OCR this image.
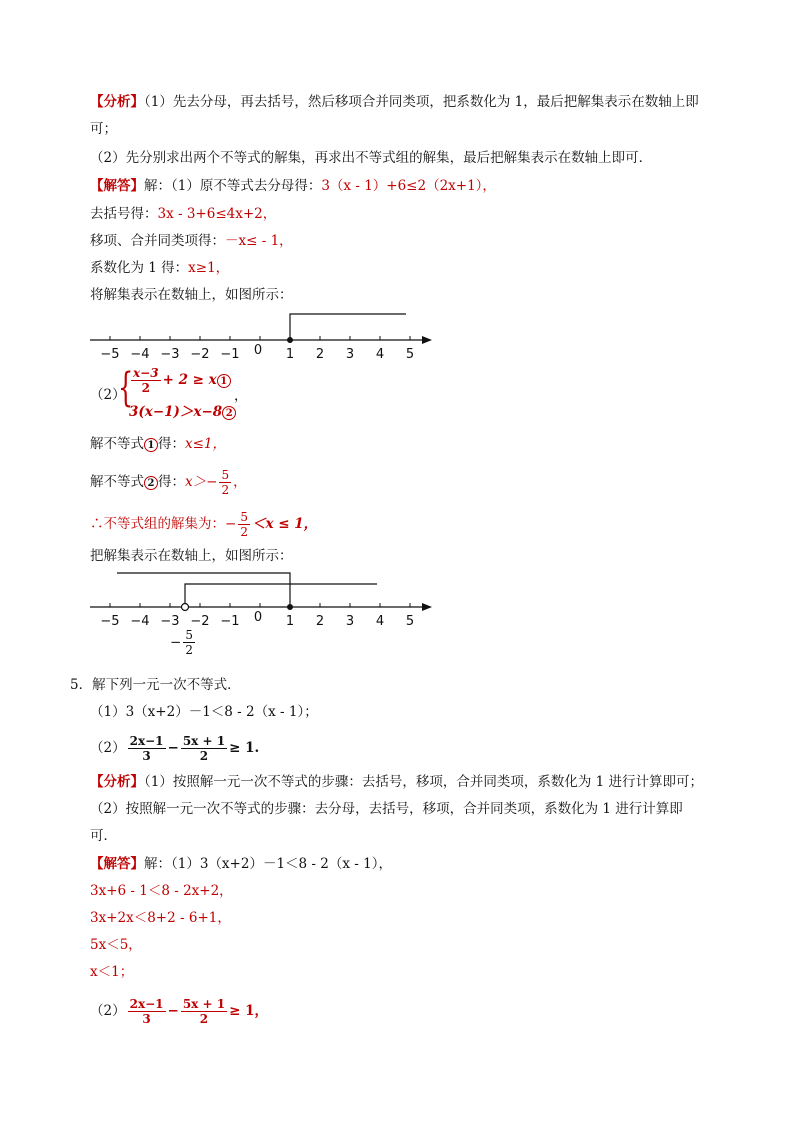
【分析】（1）先去分母，再去括号，然后移项合并同类项，把系数化为 1，最后把解集表示在数轴上即
可；
（2）先分别求出两个不等式的解集，再求出不等式组的解集，最后把解集表示在数轴上即可．
【解答】解：（1）原不等式去分母得：3（x - 1）+6≤2（2x+1），
去括号得：3x - 3+6≤4x+2，
移项、合并同类项得：－x≤ - 1，
系数化为 1 得：x≥1，
将解集表示在数轴上，如图所示：
−5 −4 −3 −2 −1 0 1 2 3 4 5
（2）
{
$\frac{x-3}{2} + 2 \ge x$ 1
3(x−1)＞x−8 2
，
解不等式 1 得：x≤1，
解不等式 2 得：$x>- \frac{5}{2}$ ，
∴不等式组的解集为：− $\frac{5}{2} <x \le 1$，
把解集表示在数轴上，如图所示：
−5 −4 −3 −2 −1 0 1 2 3 4 5
− $\frac{5}{2}$
5．解下列一元一次不等式．
（1）3（x+2）－1＜8 - 2（x - 1）；
$(2) \frac{2x-1}{3} - \frac{5x + 1}{2} \ge 1$.
【分析】（1）按照解一元一次不等式的步骤：去括号，移项，合并同类项，系数化为 1 进行计算即可；
（2）按照解一元一次不等式的步骤：去分母，去括号，移项，合并同类项，系数化为 1 进行计算即
可．
【解答】解：（1）3（x+2）－1＜8 - 2（x - 1），
3x+6 - 1＜8 - 2x+2，
3x+2x＜8+2 - 6+1，
5x＜5，
x＜1；
$(2) \frac{2x-1}{3} - \frac{5x + 1}{2} \ge 1$，
